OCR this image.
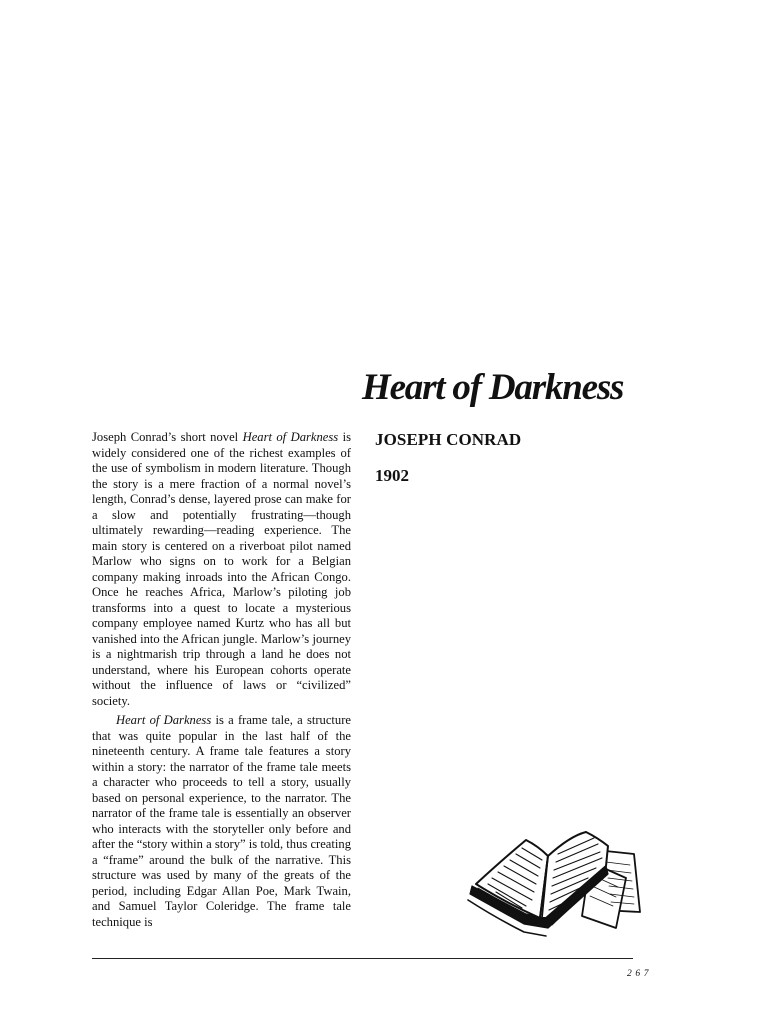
Heart of Darkness
JOSEPH CONRAD
1902

Joseph Conrad’s short novel Heart of Darkness is widely considered one of the richest examples of the use of symbolism in modern literature. Though the story is a mere fraction of a normal novel’s length, Conrad’s dense, layered prose can make for a slow and potentially frustrating—though ultimately rewarding—reading experience. The main story is centered on a riverboat pilot named Marlow who signs on to work for a Belgian company making inroads into the African Congo. Once he reaches Africa, Marlow’s piloting job transforms into a quest to locate a mysterious company employee named Kurtz who has all but vanished into the African jungle. Marlow’s journey is a nightmarish trip through a land he does not understand, where his European cohorts operate without the influence of laws or “civilized” society.

Heart of Darkness is a frame tale, a structure that was quite popular in the last half of the nineteenth century. A frame tale features a story within a story: the narrator of the frame tale meets a character who proceeds to tell a story, usually based on personal experience, to the narrator. The narrator of the frame tale is essentially an observer who interacts with the storyteller only before and after the “story within a story” is told, thus creating a “frame” around the bulk of the narrative. This structure was used by many of the greats of the period, including Edgar Allan Poe, Mark Twain, and Samuel Taylor Coleridge. The frame tale technique is

267
